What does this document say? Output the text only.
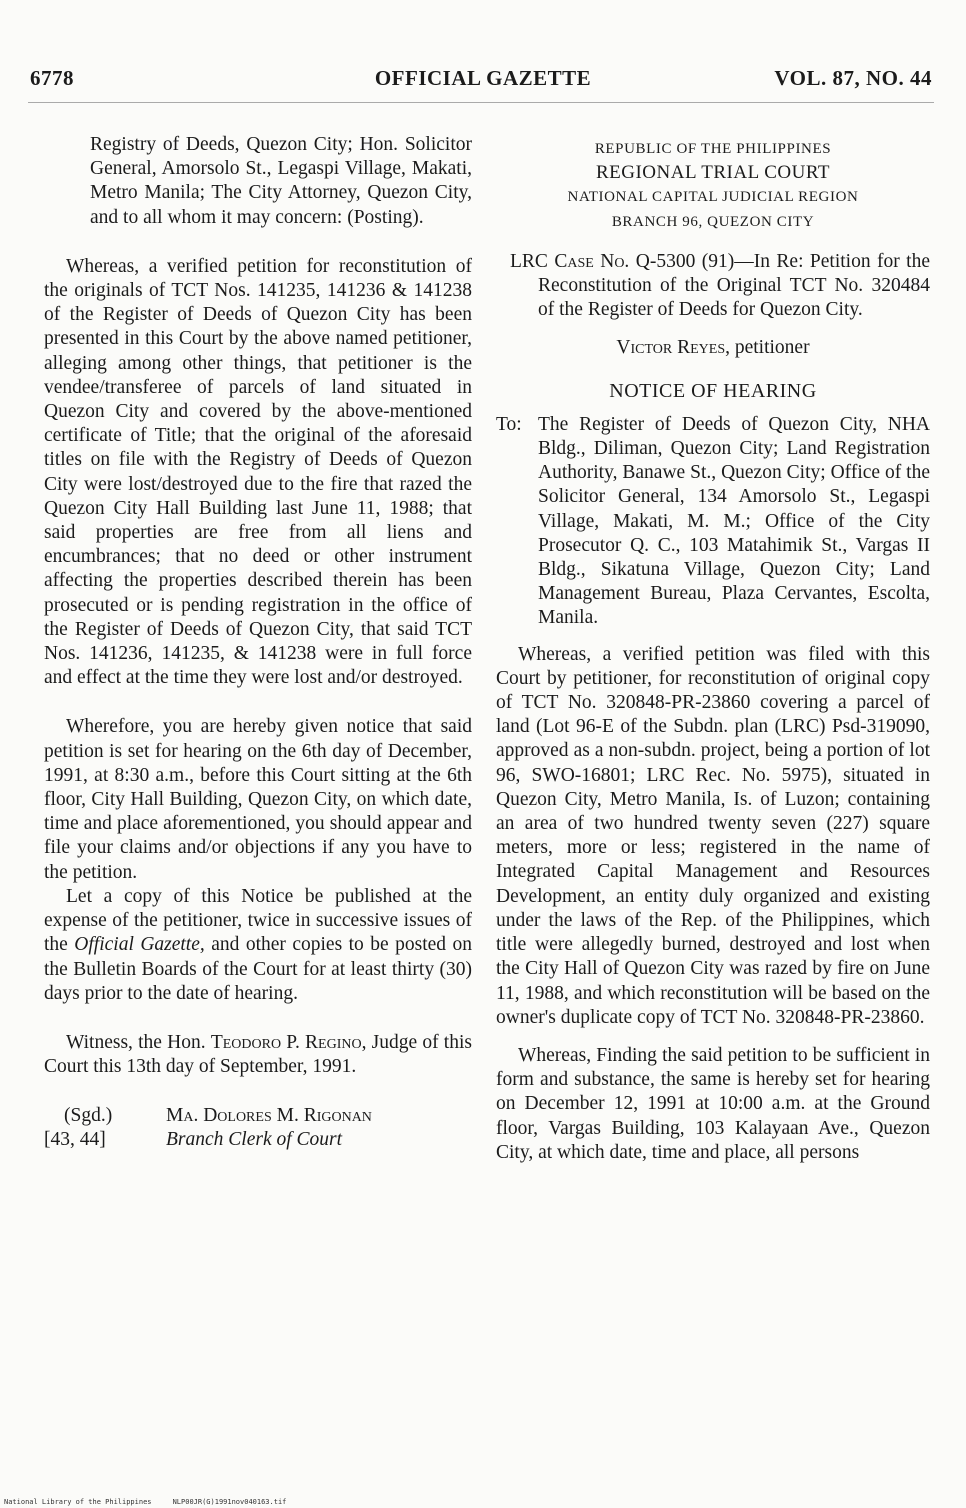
6778	OFFICIAL GAZETTE	VOL. 87, NO. 44

Registry of Deeds, Quezon City; Hon. Solicitor General, Amorsolo St., Legaspi Village, Makati, Metro Manila; The City Attorney, Quezon City, and to all whom it may concern: (Posting).

Whereas, a verified petition for reconstitution of the originals of TCT Nos. 141235, 141236 & 141238 of the Register of Deeds of Quezon City has been presented in this Court by the above named petitioner, alleging among other things, that petitioner is the vendee/transferee of parcels of land situated in Quezon City and covered by the above-mentioned certificate of Title; that the original of the aforesaid titles on file with the Registry of Deeds of Quezon City were lost/destroyed due to the fire that razed the Quezon City Hall Building last June 11, 1988; that said properties are free from all liens and encumbrances; that no deed or other instrument affecting the properties described therein has been prosecuted or is pending registration in the office of the Register of Deeds of Quezon City, that said TCT Nos. 141236, 141235, & 141238 were in full force and effect at the time they were lost and/or destroyed.

Wherefore, you are hereby given notice that said petition is set for hearing on the 6th day of December, 1991, at 8:30 a.m., before this Court sitting at the 6th floor, City Hall Building, Quezon City, on which date, time and place aforementioned, you should appear and file your claims and/or objections if any you have to the petition.

Let a copy of this Notice be published at the expense of the petitioner, twice in successive issues of the Official Gazette, and other copies to be posted on the Bulletin Boards of the Court for at least thirty (30) days prior to the date of hearing.

Witness, the Hon. Teodoro P. Regino, Judge of this Court this 13th day of September, 1991.

(Sgd.)	Ma. Dolores M. Rigonan
[43, 44]	Branch Clerk of Court
REPUBLIC OF THE PHILIPPINES
REGIONAL TRIAL COURT
NATIONAL CAPITAL JUDICIAL REGION
BRANCH 96, QUEZON CITY

LRC Case No. Q-5300 (91)—In Re: Petition for the Reconstitution of the Original TCT No. 320484 of the Register of Deeds for Quezon City.

Victor Reyes, petitioner

NOTICE OF HEARING

To: The Register of Deeds of Quezon City, NHA Bldg., Diliman, Quezon City; Land Registration Authority, Banawe St., Quezon City; Office of the Solicitor General, 134 Amorsolo St., Legaspi Village, Makati, M. M.; Office of the City Prosecutor Q. C., 103 Matahimik St., Vargas II Bldg., Sikatuna Village, Quezon City; Land Management Bureau, Plaza Cervantes, Escolta, Manila.

Whereas, a verified petition was filed with this Court by petitioner, for reconstitution of original copy of TCT No. 320848-PR-23860 covering a parcel of land (Lot 96-E of the Subdn. plan (LRC) Psd-319090, approved as a non-subdn. project, being a portion of lot 96, SWO-16801; LRC Rec. No. 5975), situated in Quezon City, Metro Manila, Is. of Luzon; containing an area of two hundred twenty seven (227) square meters, more or less; registered in the name of Integrated Capital Management and Resources Development, an entity duly organized and existing under the laws of the Rep. of the Philippines, which title were allegedly burned, destroyed and lost when the City Hall of Quezon City was razed by fire on June 11, 1988, and which reconstitution will be based on the owner's duplicate copy of TCT No. 320848-PR-23860.

Whereas, Finding the said petition to be sufficient in form and substance, the same is hereby set for hearing on December 12, 1991 at 10:00 a.m. at the Ground floor, Vargas Building, 103 Kalayaan Ave., Quezon City, at which date, time and place, all persons

National Library of the Philippines	NLP00JR(G)1991nov040163.tif
